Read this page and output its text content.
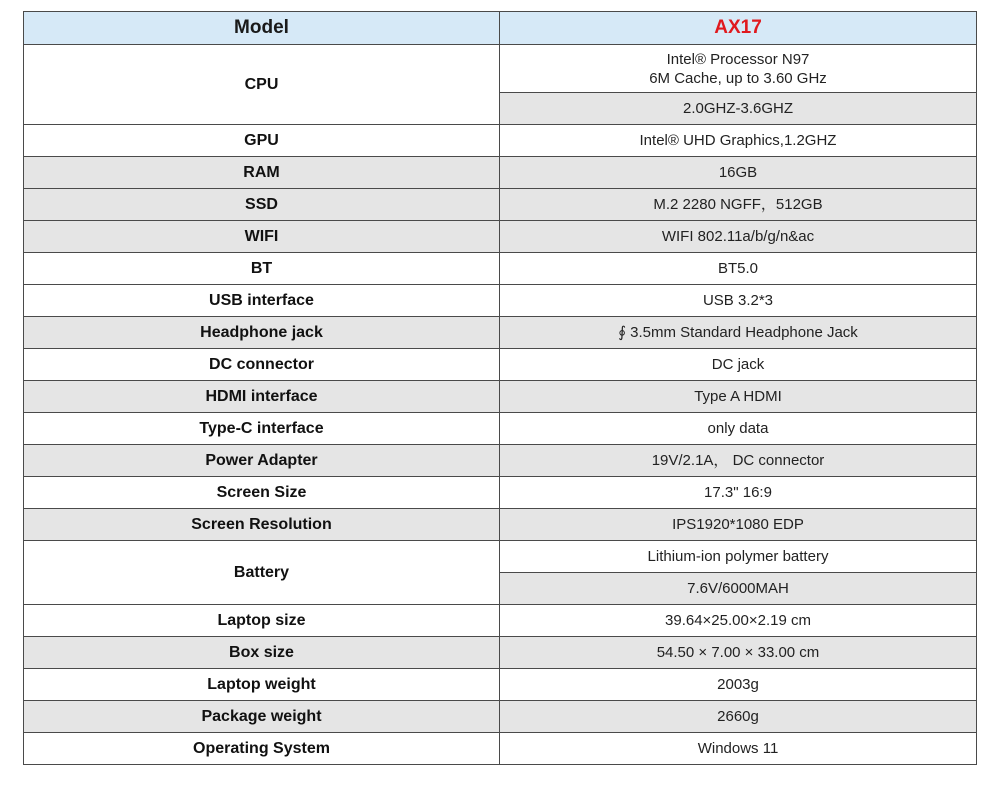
Model	AX17
CPU	Intel® Processor N97
6M Cache, up to 3.60 GHz

	2.0GHZ-3.6GHZ
GPU	Intel® UHD Graphics,1.2GHZ
RAM	16GB
SSD	M.2 2280 NGFF，512GB
WIFI	WIFI 802.11a/b/g/n&ac
BT	BT5.0
USB interface	USB 3.2*3
Headphone jack	∮ 3.5mm Standard Headphone Jack
DC connector	DC jack
HDMI interface	Type A HDMI
Type-C interface	only data
Power Adapter	19V/2.1A， DC connector
Screen Size	17.3" 16:9
Screen Resolution	IPS1920*1080 EDP
Battery	Lithium-ion polymer battery
	7.6V/6000MAH
Laptop size	39.64×25.00×2.19 cm
Box size	54.50 × 7.00 × 33.00 cm
Laptop weight	2003g
Package weight	2660g
Operating System	Windows 11
